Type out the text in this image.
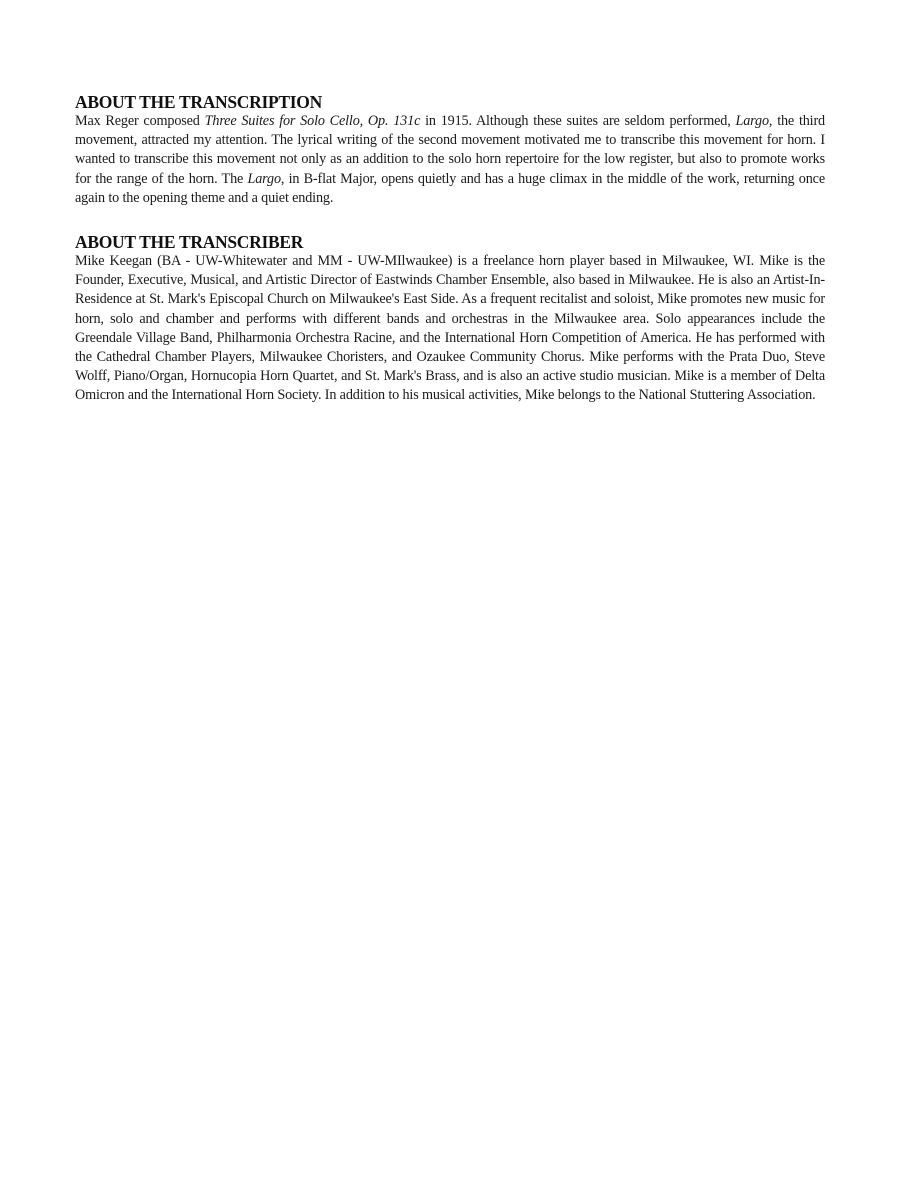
ABOUT THE TRANSCRIPTION

Max Reger composed Three Suites for Solo Cello, Op. 131c in 1915. Although these suites are seldom performed, Largo, the third movement, attracted my attention. The lyrical writing of the second movement motivated me to transcribe this movement for horn. I wanted to transcribe this movement not only as an addition to the solo horn repertoire for the low register, but also to promote works for the range of the horn. The Largo, in B-flat Major, opens quietly and has a huge climax in the middle of the work, returning once again to the opening theme and a quiet ending.

ABOUT THE TRANSCRIBER

Mike Keegan (BA - UW-Whitewater and MM - UW-MIlwaukee) is a freelance horn player based in Milwaukee, WI. Mike is the Founder, Executive, Musical, and Artistic Director of Eastwinds Chamber Ensemble, also based in Milwaukee. He is also an Artist-In-Residence at St. Mark's Episcopal Church on Milwaukee's East Side. As a frequent recitalist and soloist, Mike promotes new music for horn, solo and chamber and performs with different bands and orchestras in the Milwaukee area. Solo appearances include the Greendale Village Band, Philharmonia Orchestra Racine, and the International Horn Competition of America. He has performed with the Cathedral Chamber Players, Milwaukee Choristers, and Ozaukee Community Chorus. Mike performs with the Prata Duo, Steve Wolff, Piano/Organ, Hornucopia Horn Quartet, and St. Mark's Brass, and is also an active studio musician. Mike is a member of Delta Omicron and the International Horn Society. In addition to his musical activities, Mike belongs to the National Stuttering Association.
